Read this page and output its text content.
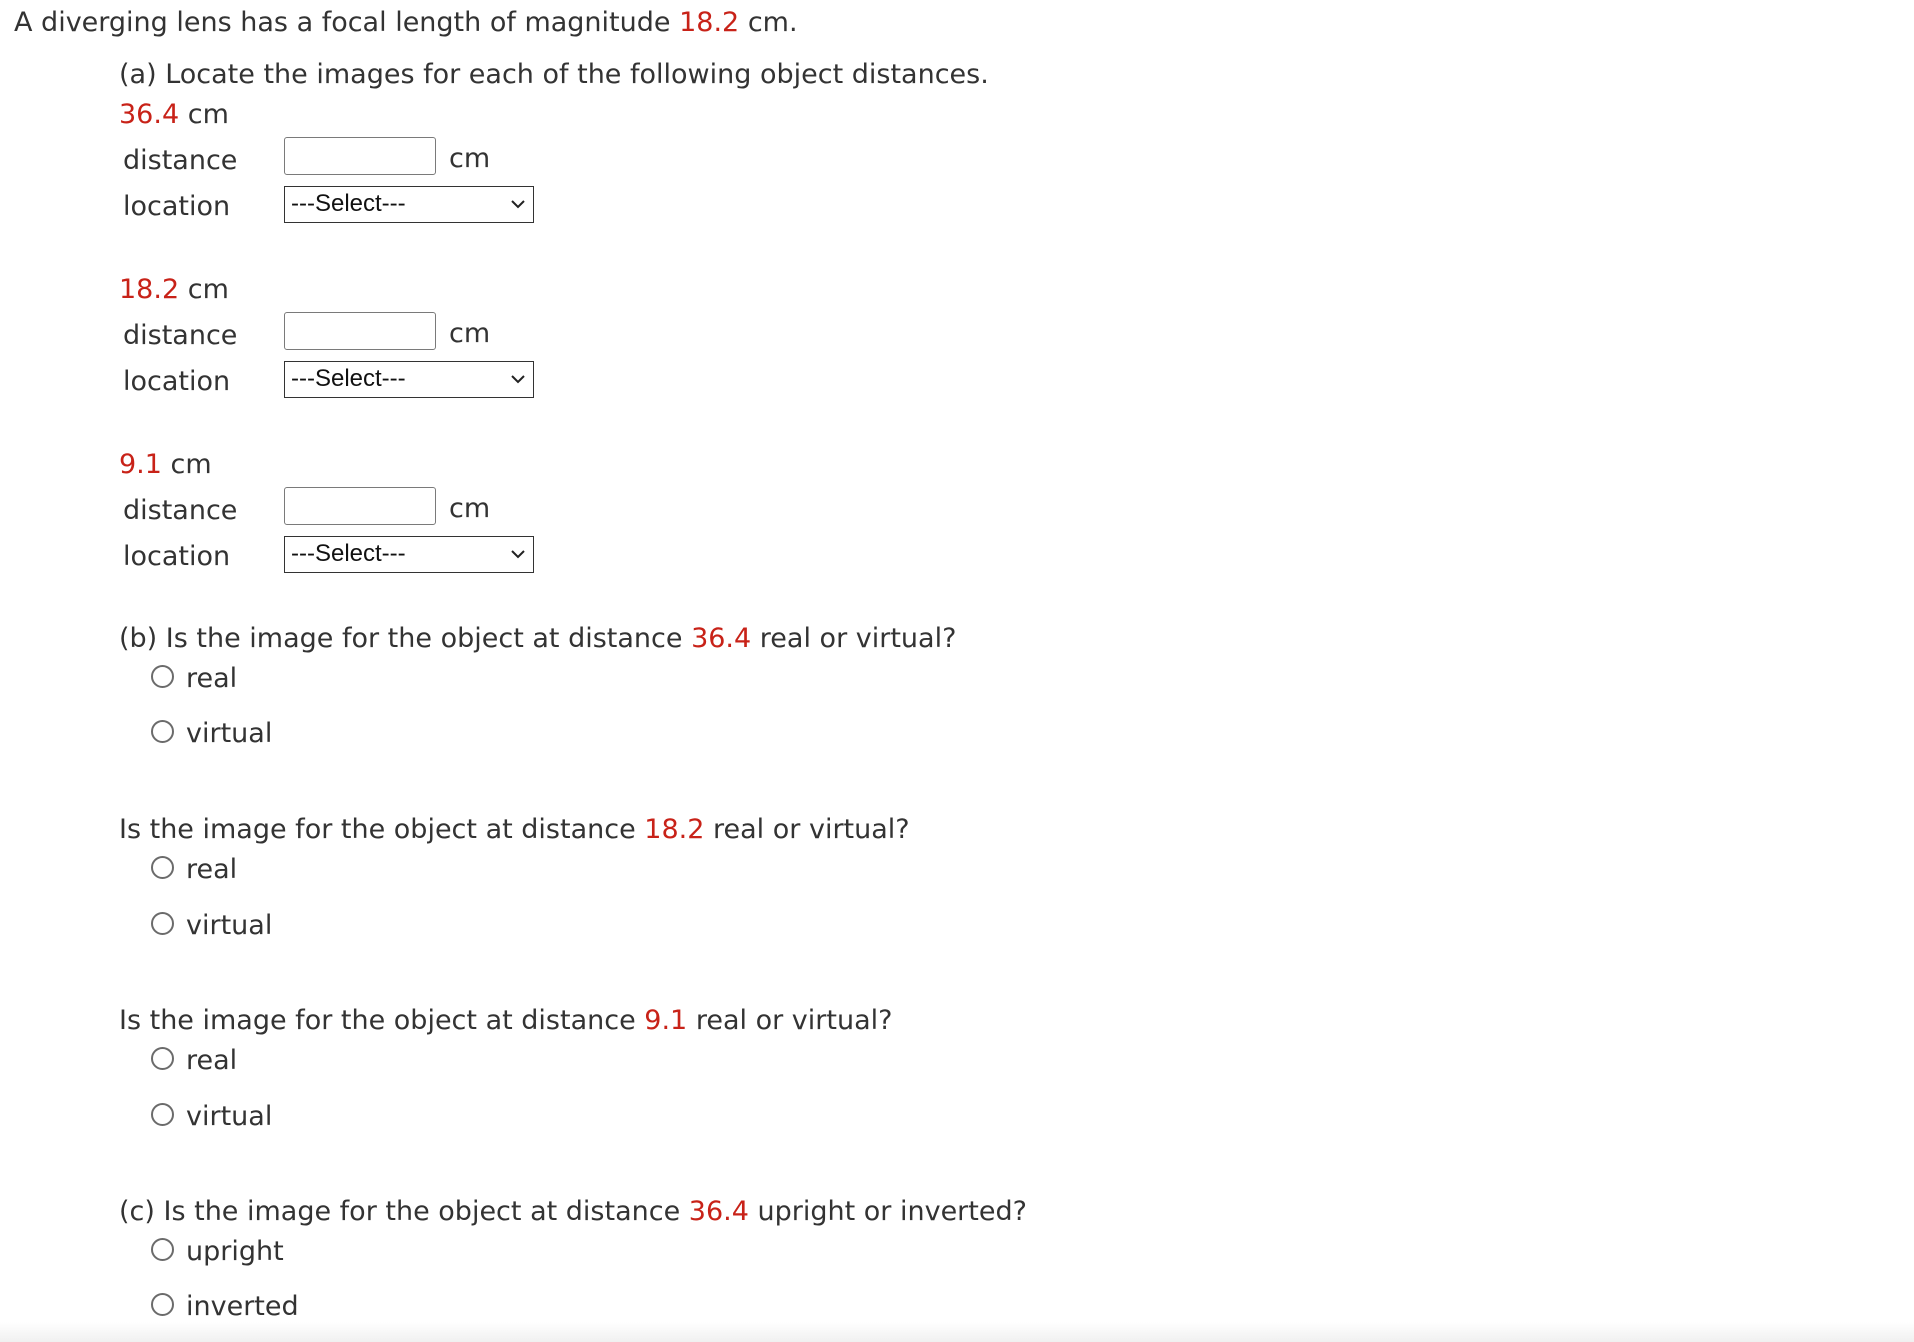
A diverging lens has a focal length of magnitude 18.2 cm.
(a) Locate the images for each of the following object distances.
36.4 cm
distance	cm
location	---Select---
18.2 cm
distance	cm
location	---Select---
9.1 cm
distance	cm
location	---Select---
(b) Is the image for the object at distance 36.4 real or virtual?
real
virtual
Is the image for the object at distance 18.2 real or virtual?
real
virtual
Is the image for the object at distance 9.1 real or virtual?
real
virtual
(c) Is the image for the object at distance 36.4 upright or inverted?
upright
inverted
